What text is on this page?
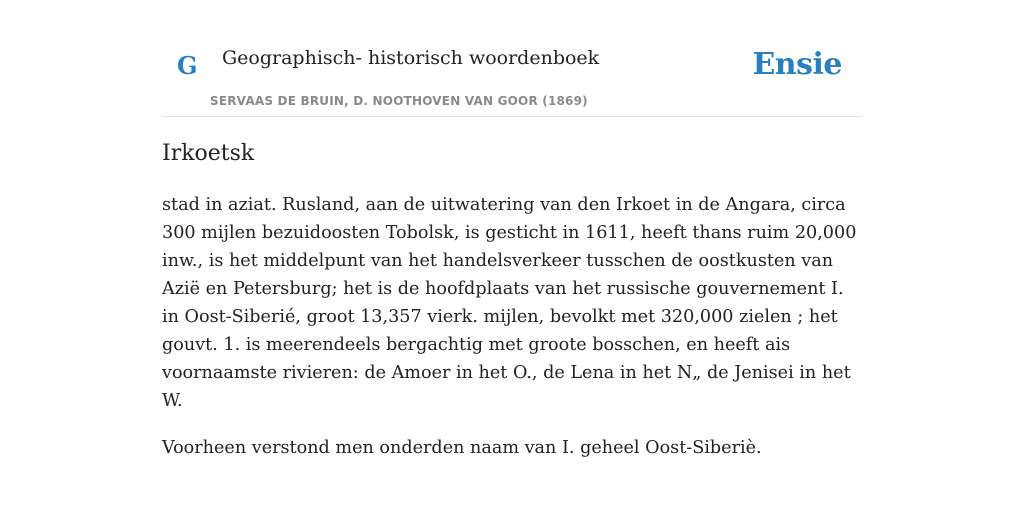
G Geographisch- historisch woordenboek
SERVAAS DE BRUIN, D. NOOTHOVEN VAN GOOR (1869)
Ensie
Irkoetsk

stad in aziat. Rusland, aan de uitwatering van den Irkoet in de Angara, circa 300 mijlen bezuidoosten Tobolsk, is gesticht in 1611, heeft thans ruim 20,000 inw., is het middelpunt van het handelsverkeer tusschen de oostkusten van Azië en Petersburg; het is de hoofdplaats van het russische gouvernement I. in Oost-Siberié, groot 13,357 vierk. mijlen, bevolkt met 320,000 zielen ; het gouvt. 1. is meerendeels bergachtig met groote bosschen, en heeft ais voornaamste rivieren: de Amoer in het O., de Lena in het N„ de Jenisei in het W.

Voorheen verstond men onderden naam van I. geheel Oost-Siberiè.
